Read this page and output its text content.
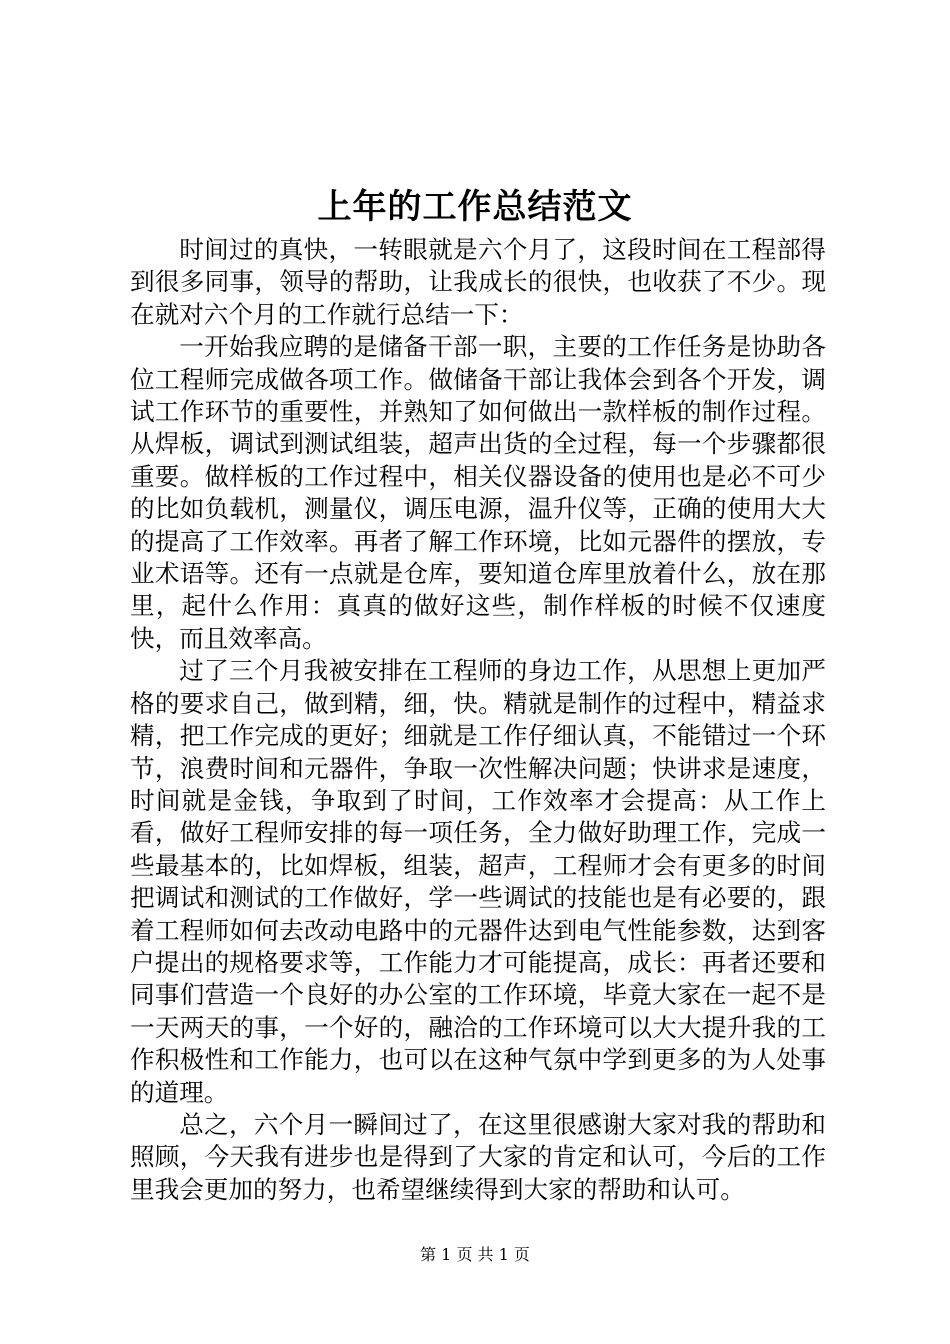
上年的工作总结范文

时间过的真快，一转眼就是六个月了，这段时间在工程部得到很多同事，领导的帮助，让我成长的很快，也收获了不少。现在就对六个月的工作就行总结一下：

一开始我应聘的是储备干部一职，主要的工作任务是协助各位工程师完成做各项工作。做储备干部让我体会到各个开发，调试工作环节的重要性，并熟知了如何做出一款样板的制作过程。从焊板，调试到测试组装，超声出货的全过程，每一个步骤都很重要。做样板的工作过程中，相关仪器设备的使用也是必不可少的比如负载机，测量仪，调压电源，温升仪等，正确的使用大大的提高了工作效率。再者了解工作环境，比如元器件的摆放，专业术语等。还有一点就是仓库，要知道仓库里放着什么，放在那里，起什么作用：真真的做好这些，制作样板的时候不仅速度快，而且效率高。

过了三个月我被安排在工程师的身边工作，从思想上更加严格的要求自己，做到精，细，快。精就是制作的过程中，精益求精，把工作完成的更好；细就是工作仔细认真，不能错过一个环节，浪费时间和元器件，争取一次性解决问题；快讲求是速度，时间就是金钱，争取到了时间，工作效率才会提高：从工作上看，做好工程师安排的每一项任务，全力做好助理工作，完成一些最基本的，比如焊板，组装，超声，工程师才会有更多的时间把调试和测试的工作做好，学一些调试的技能也是有必要的，跟着工程师如何去改动电路中的元器件达到电气性能参数，达到客户提出的规格要求等，工作能力才可能提高，成长：再者还要和同事们营造一个良好的办公室的工作环境，毕竟大家在一起不是一天两天的事，一个好的，融洽的工作环境可以大大提升我的工作积极性和工作能力，也可以在这种气氛中学到更多的为人处事的道理。

总之，六个月一瞬间过了，在这里很感谢大家对我的帮助和照顾，今天我有进步也是得到了大家的肯定和认可，今后的工作里我会更加的努力，也希望继续得到大家的帮助和认可。

第 1 页 共 1 页
